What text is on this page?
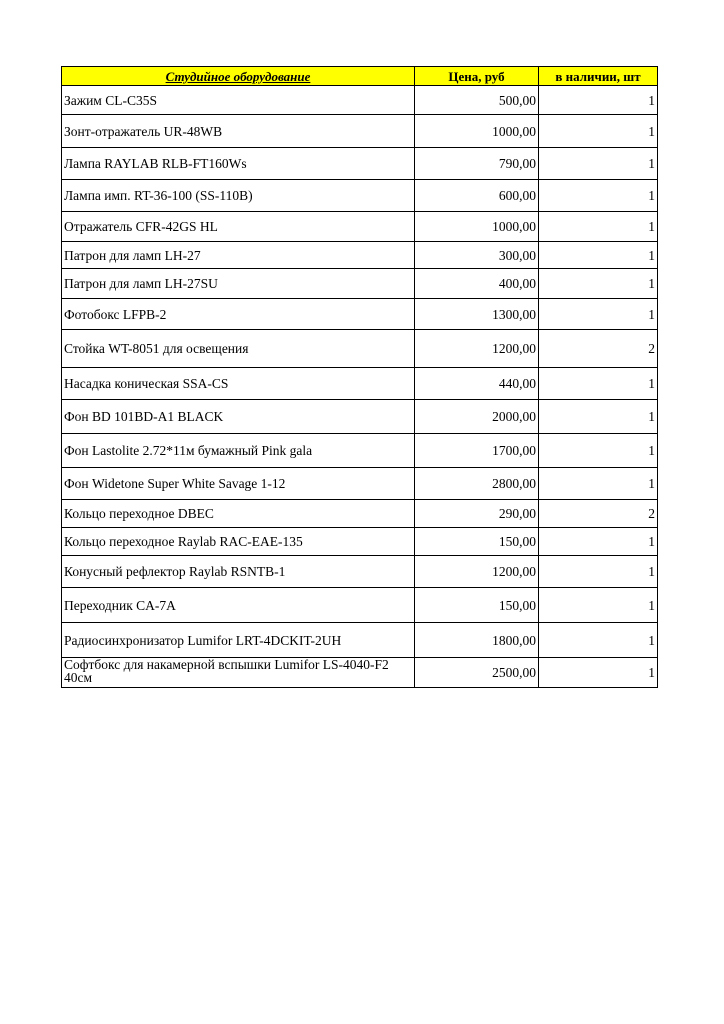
Студийное оборудование	Цена, руб	в наличии, шт
Зажим CL-C35S	500,00	1
Зонт-отражатель UR-48WB	1000,00	1
Лампа RAYLAB RLB-FT160Ws	790,00	1
Лампа имп. RT-36-100 (SS-110B)	600,00	1
Отражатель CFR-42GS HL	1000,00	1
Патрон для ламп LH-27	300,00	1
Патрон для ламп LH-27SU	400,00	1
Фотобокс LFPB-2	1300,00	1
Стойка WT-8051 для освещения	1200,00	2
Насадка коническая SSA-CS	440,00	1
Фон BD 101BD-A1 BLACK	2000,00	1
Фон Lastolite 2.72*11м бумажный Pink gala	1700,00	1
Фон Widetone Super White Savage 1-12	2800,00	1
Кольцо переходное DBEC	290,00	2
Кольцо переходное Raylab RAC-EAE-135	150,00	1
Конусный рефлектор Raylab RSNTB-1	1200,00	1
Переходник CA-7A	150,00	1
Радиосинхронизатор Lumifor LRT-4DCKIT-2UH	1800,00	1
Софтбокс для накамерной вспышки Lumifor LS-4040-F2 40см	2500,00	1
